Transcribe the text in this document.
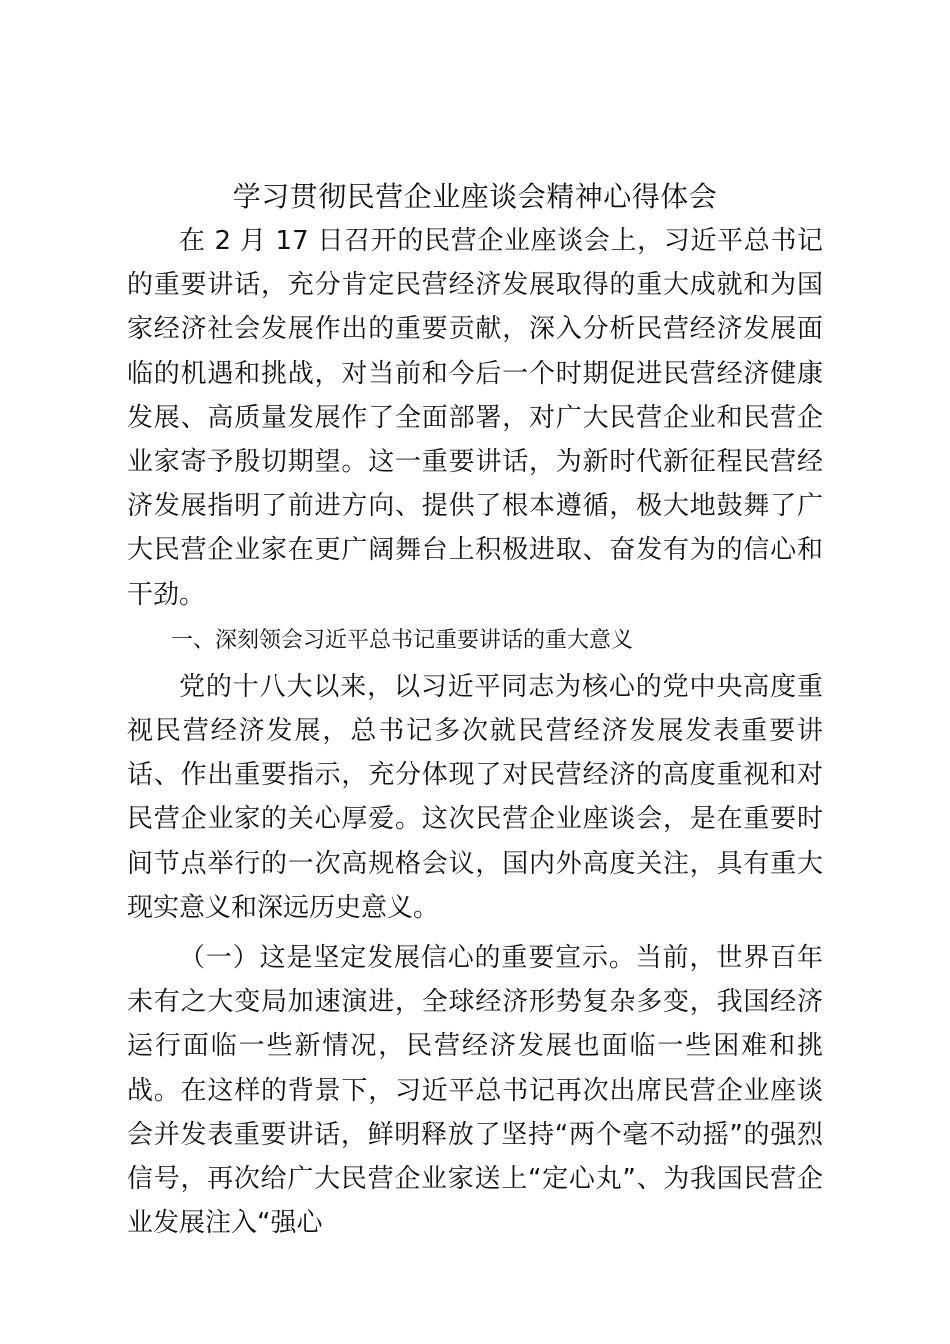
学习贯彻民营企业座谈会精神心得体会

在 2 月 17 日召开的民营企业座谈会上，习近平总书记的重要讲话，充分肯定民营经济发展取得的重大成就和为国家经济社会发展作出的重要贡献，深入分析民营经济发展面临的机遇和挑战，对当前和今后一个时期促进民营经济健康发展、高质量发展作了全面部署，对广大民营企业和民营企业家寄予殷切期望。这一重要讲话，为新时代新征程民营经济发展指明了前进方向、提供了根本遵循，极大地鼓舞了广大民营企业家在更广阔舞台上积极进取、奋发有为的信心和干劲。

一、深刻领会习近平总书记重要讲话的重大意义

党的十八大以来，以习近平同志为核心的党中央高度重视民营经济发展，总书记多次就民营经济发展发表重要讲话、作出重要指示，充分体现了对民营经济的高度重视和对民营企业家的关心厚爱。这次民营企业座谈会，是在重要时间节点举行的一次高规格会议，国内外高度关注，具有重大现实意义和深远历史意义。

（一）这是坚定发展信心的重要宣示。当前，世界百年未有之大变局加速演进，全球经济形势复杂多变，我国经济运行面临一些新情况，民营经济发展也面临一些困难和挑战。在这样的背景下，习近平总书记再次出席民营企业座谈会并发表重要讲话，鲜明释放了坚持“两个毫不动摇”的强烈信号，再次给广大民营企业家送上“定心丸”、为我国民营企业发展注入“强心
